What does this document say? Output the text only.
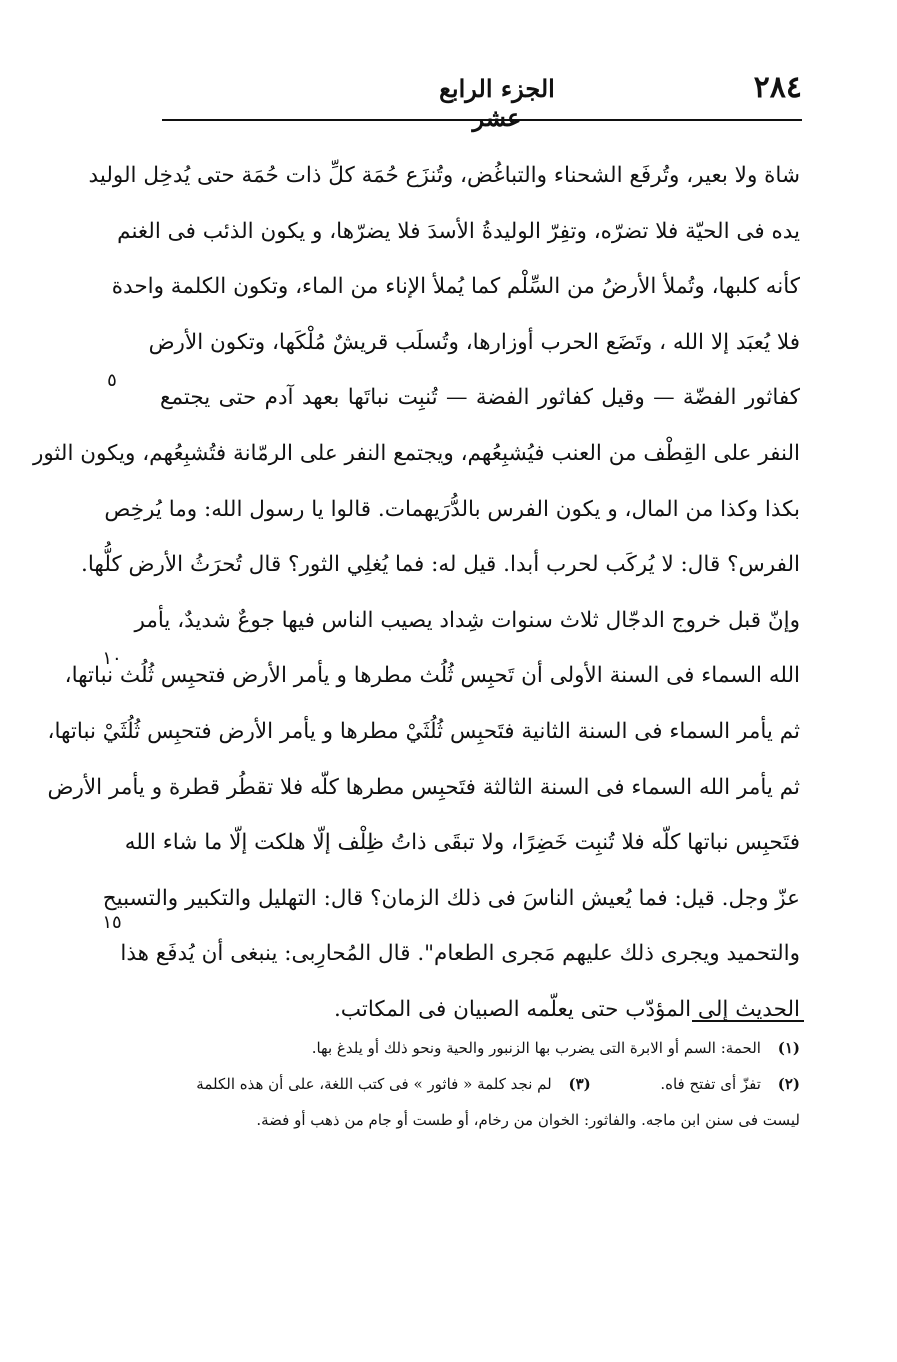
٢٨٤
الجزء الرابع عشر
شاة ولا بعير، وتُرفَع الشحناء والتباغُض، وتُنزَع حُمَة كلِّ ذات حُمَة حتى يُدخِل الوليد
يده فى الحيّة فلا تضرّه، وتفِرّ الوليدةُ الأسدَ فلا يضرّها، و يكون الذئب فى الغنم
كأنه كلبها، وتُملأ الأرضُ من السِّلْم كما يُملأ الإناء من الماء، وتكون الكلمة واحدة
فلا يُعبَد إلا الله ، وتَضَع الحرب أوزارها، وتُسلَب قريشٌ مُلْكَها، وتكون الأرض
كفاثور الفضّة — وقيل كفاثور الفضة — تُنبِت نباتَها بعهد آدم حتى يجتمع
النفر على القِطْف من العنب فيُشبِعُهم، ويجتمع النفر على الرمّانة فتُشبِعُهم، ويكون الثور
بكذا وكذا من المال، و يكون الفرس بالدُّرَيهمات. قالوا يا رسول الله: وما يُرخِص
الفرس؟ قال: لا يُركَب لحرب أبدا. قيل له: فما يُغلِي الثور؟ قال تُحرَثُ الأرض كلُّها.
وإنّ قبل خروج الدجّال ثلاث سنوات شِداد يصيب الناس فيها جوعٌ شديدٌ، يأمر
الله السماء فى السنة الأولى أن تَحبِس ثُلُث مطرها و يأمر الأرض فتحبِس ثُلُث نباتها،
ثم يأمر السماء فى السنة الثانية فتَحبِس ثُلُثَيْ مطرها و يأمر الأرض فتحبِس ثُلُثَيْ نباتها،
ثم يأمر الله السماء فى السنة الثالثة فتَحبِس مطرها كلّه فلا تقطُر قطرة و يأمر الأرض
فتَحبِس نباتها كلّه فلا تُنبِت خَضِرًا، ولا تبقَى ذاتُ ظِلْف إلّا هلكت إلّا ما شاء الله
عزّ وجل. قيل: فما يُعيش الناسَ فى ذلك الزمان؟ قال: التهليل والتكبير والتسبيح
والتحميد ويجرى ذلك عليهم مَجرى الطعام". قال المُحارِبى: ينبغى أن يُدفَع هذا
الحديث إلى المؤدّب حتى يعلّمه الصبيان فى المكاتب.
٥
١٠
١٥
(١) الحمة: السم أو الابرة التى يضرب بها الزنبور والحية ونحو ذلك أو يلدغ بها.
(٢) تفزّ أى تفتح فاه.  (٣) لم نجد كلمة « فاثور » فى كتب اللغة، على أن هذه الكلمة
ليست فى سنن ابن ماجه. والفاثور: الخوان من رخام، أو طست أو جام من ذهب أو فضة.
